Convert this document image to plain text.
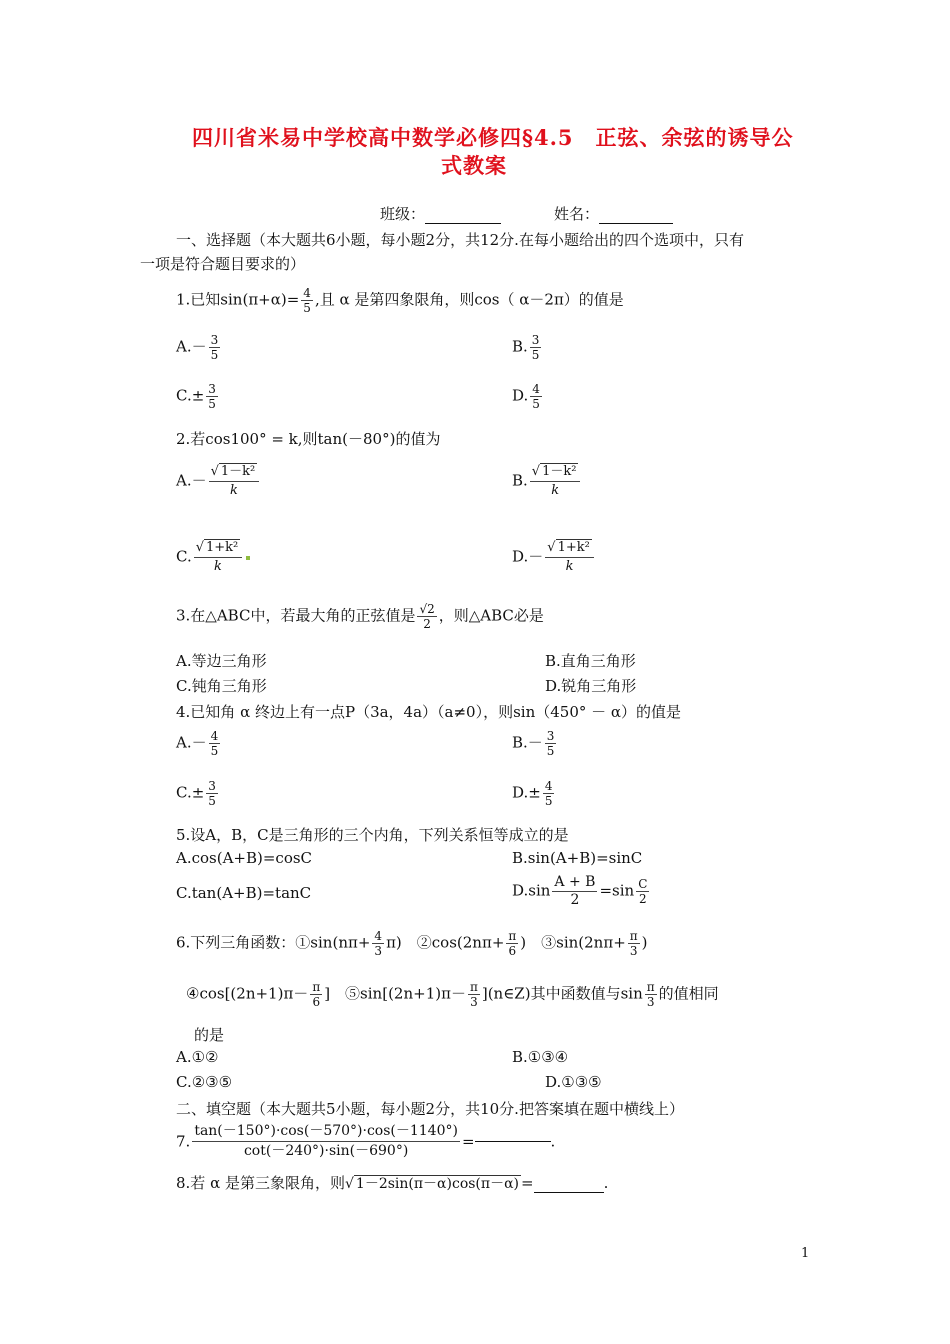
四川省米易中学校高中数学必修四§4.5　正弦、余弦的诱导公
式教案
班级：	姓名：
一、选择题（本大题共6小题，每小题2分，共12分.在每小题给出的四个选项中，只有
一项是符合题目要求的）
1.已知$\sin(\pi+\alpha)= \frac{4}{5}$ ,且 α 是第四象限角，则cos（ α－2π）的值是
$A.- \frac{3}{5}$	B. $\frac{3}{5}$
$C.\pm \frac{3}{5}$	D. $\frac{4}{5}$
2.若cos100° = k,则tan(－80°)的值为
$A.- \frac{\text{√ 1－k²}}{k}$	B. $\frac{\text{√ 1－k²}}{k}$
C. $\frac{\text{√ 1+k²}}{k}$	$D.- \frac{\text{√ 1+k²}}{k}$
3.在△ABC中，若最大角的正弦值是 $\frac{√2}{2}$ ，则△ABC必是
A.等边三角形	B.直角三角形
C.钝角三角形	D.锐角三角形
4.已知角 α 终边上有一点P（3a，4a）（a≠0），则sin（450° － α）的值是
$A.- \frac{4}{5}$	$B.- \frac{3}{5}$
$C.\pm \frac{3}{5}$	$D.\pm \frac{4}{5}$
5.设A，B，C是三角形的三个内角，下列关系恒等成立的是
A.cos(A+B)=cosC	B.sin(A+B)=sinC
C.tan(A+B)=tanC	$D.\sin \frac{A + B}{2} =\sin \frac{C}{2}$
6.下列三角函数：①sin(nπ+ $\frac{4}{3} \pi$)　②cos(2nπ+ $\frac{\pi}{6}$ )　③sin(2nπ+ $\frac{\pi}{3}$ )
④cos[(2n+1)π－ $\frac{\pi}{6}$ ]　⑤sin[(2n+1)π－ $\frac{\pi}{3}$ ](n∈Z)其中函数值与$\sin \frac{\pi}{3}$ 的值相同
的是
A.①②	B.①③④
C.②③⑤	D.①③⑤
二、填空题（本大题共5小题，每小题2分，共10分.把答案填在题中横线上）
7. $\frac{\tan(-150^\circ)\cdot\cos(-570^\circ)\cdot\cos(-1140^\circ)}{\cot(-240^\circ)\cdot\sin(-690^\circ)}$ =	.
8.若 α 是第三象限角，则√ 1－2sin(π－α)cos(π－α) =	.
1
